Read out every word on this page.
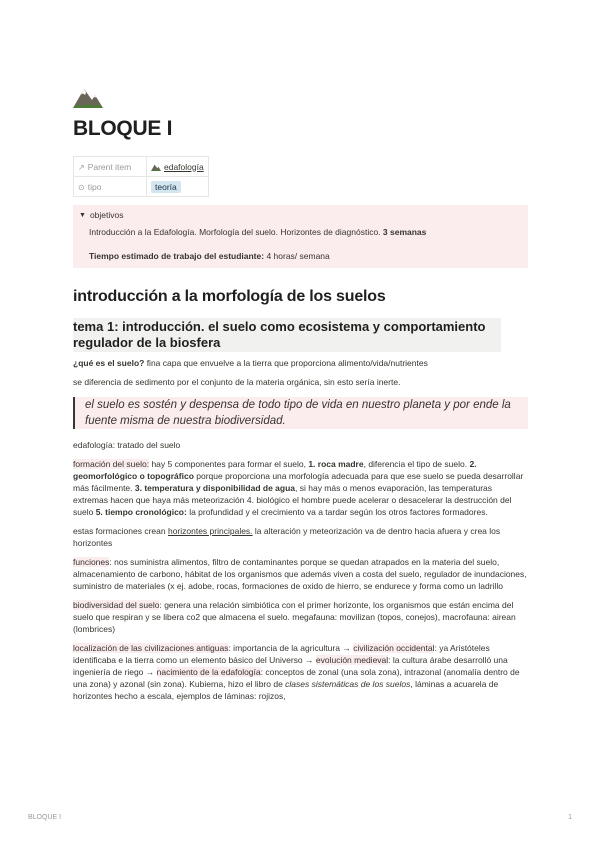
BLOQUE I
↗ Parent item	edafología
⊙ tipo	teoría
▼ objetivos
Introducción a la Edafología. Morfología del suelo. Horizontes de diagnóstico. 3 semanas
Tiempo estimado de trabajo del estudiante: 4 horas/ semana
introducción a la morfología de los suelos
tema 1: introducción. el suelo como ecosistema y comportamiento regulador de la biosfera
¿qué es el suelo? fina capa que envuelve a la tierra que proporciona alimento/vida/nutrientes
se diferencia de sedimento por el conjunto de la materia orgánica, sin esto sería inerte.
el suelo es sostén y despensa de todo tipo de vida en nuestro planeta y por ende la fuente misma de nuestra biodiversidad.
edafología: tratado del suelo
formación del suelo: hay 5 componentes para formar el suelo, 1. roca madre, diferencia el tipo de suelo. 2. geomorfológico o topográfico porque proporciona una morfología adecuada para que ese suelo se pueda desarrollar más fácilmente. 3. temperatura y disponibilidad de agua, si hay más o menos evaporación, las temperaturas extremas hacen que haya más meteorización 4. biológico el hombre puede acelerar o desacelerar la destrucción del suelo 5. tiempo cronológico: la profundidad y el crecimiento va a tardar según los otros factores formadores.
estas formaciones crean horizontes principales. la alteración y meteorización va de dentro hacia afuera y crea los horizontes
funciones: nos suministra alimentos, filtro de contaminantes porque se quedan atrapados en la materia del suelo, almacenamiento de carbono, hábitat de los organismos que además viven a costa del suelo, regulador de inundaciones, suministro de materiales (x ej. adobe, rocas, formaciones de oxido de hierro, se endurece y forma como un ladrillo
biodiversidad del suelo: genera una relación simbiótica con el primer horizonte, los organismos que están encima del suelo que respiran y se libera co2 que almacena el suelo. megafauna: movilizan (topos, conejos), macrofauna: airean (lombrices)
localización de las civilizaciones antiguas: importancia de la agricultura → civilización occidental: ya Aristóteles identificaba e la tierra como un elemento básico del Universo → evolución medieval: la cultura árabe desarrolló una ingeniería de riego → nacimiento de la edafología: conceptos de zonal (una sola zona), intrazonal (anomalía dentro de una zona) y azonal (sin zona). Kubierna, hizo el libro de clases sistemáticas de los suelos, láminas a acuarela de horizontes hecho a escala, ejemplos de láminas: rojizos,
BLOQUE I	1
